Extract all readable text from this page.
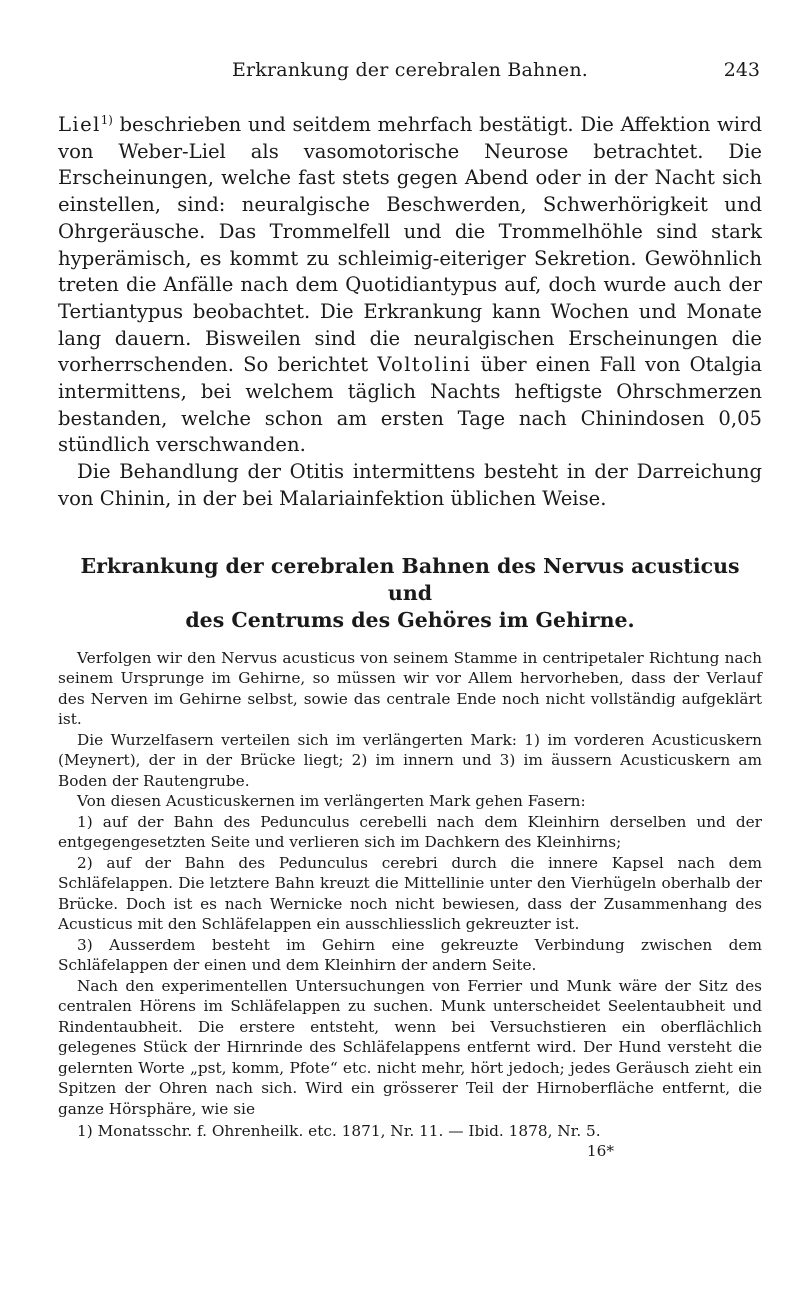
Erkrankung der cerebralen Bahnen.	243

Liel$^{1)}$ beschrieben und seitdem mehrfach bestätigt. Die Affektion wird von Weber-Liel als vasomotorische Neurose betrachtet. Die Erscheinungen, welche fast stets gegen Abend oder in der Nacht sich einstellen, sind: neuralgische Beschwerden, Schwerhörigkeit und Ohrgeräusche. Das Trommelfell und die Trommelhöhle sind stark hyperämisch, es kommt zu schleimig-eiteriger Sekretion. Gewöhnlich treten die Anfälle nach dem Quotidiantypus auf, doch wurde auch der Tertiantypus beobachtet. Die Erkrankung kann Wochen und Monate lang dauern. Bisweilen sind die neuralgischen Erscheinungen die vorherrschenden. So berichtet Voltolini über einen Fall von Otalgia intermittens, bei welchem täglich Nachts heftigste Ohrschmerzen bestanden, welche schon am ersten Tage nach Chinindosen 0,05 stündlich verschwanden.

Die Behandlung der Otitis intermittens besteht in der Darreichung von Chinin, in der bei Malariainfektion üblichen Weise.

Erkrankung der cerebralen Bahnen des Nervus acusticus und
des Centrums des Gehöres im Gehirne.

Verfolgen wir den Nervus acusticus von seinem Stamme in centripetaler Richtung nach seinem Ursprunge im Gehirne, so müssen wir vor Allem hervorheben, dass der Verlauf des Nerven im Gehirne selbst, sowie das centrale Ende noch nicht vollständig aufgeklärt ist.

Die Wurzelfasern verteilen sich im verlängerten Mark: 1) im vorderen Acusticuskern (Meynert), der in der Brücke liegt; 2) im innern und 3) im äussern Acusticuskern am Boden der Rautengrube.

Von diesen Acusticuskernen im verlängerten Mark gehen Fasern:

1) auf der Bahn des Pedunculus cerebelli nach dem Kleinhirn derselben und der entgegengesetzten Seite und verlieren sich im Dachkern des Kleinhirns;

2) auf der Bahn des Pedunculus cerebri durch die innere Kapsel nach dem Schläfelappen. Die letztere Bahn kreuzt die Mittellinie unter den Vierhügeln oberhalb der Brücke. Doch ist es nach Wernicke noch nicht bewiesen, dass der Zusammenhang des Acusticus mit den Schläfelappen ein ausschliesslich gekreuzter ist.

3) Ausserdem besteht im Gehirn eine gekreuzte Verbindung zwischen dem Schläfelappen der einen und dem Kleinhirn der andern Seite.

Nach den experimentellen Untersuchungen von Ferrier und Munk wäre der Sitz des centralen Hörens im Schläfelappen zu suchen. Munk unterscheidet Seelentaubheit und Rindentaubheit. Die erstere entsteht, wenn bei Versuchstieren ein oberflächlich gelegenes Stück der Hirnrinde des Schläfelappens entfernt wird. Der Hund versteht die gelernten Worte „pst, komm, Pfote“ etc. nicht mehr, hört jedoch; jedes Geräusch zieht ein Spitzen der Ohren nach sich. Wird ein grösserer Teil der Hirnoberfläche entfernt, die ganze Hörsphäre, wie sie

1) Monatsschr. f. Ohrenheilk. etc. 1871, Nr. 11. — Ibid. 1878, Nr. 5.

16*
